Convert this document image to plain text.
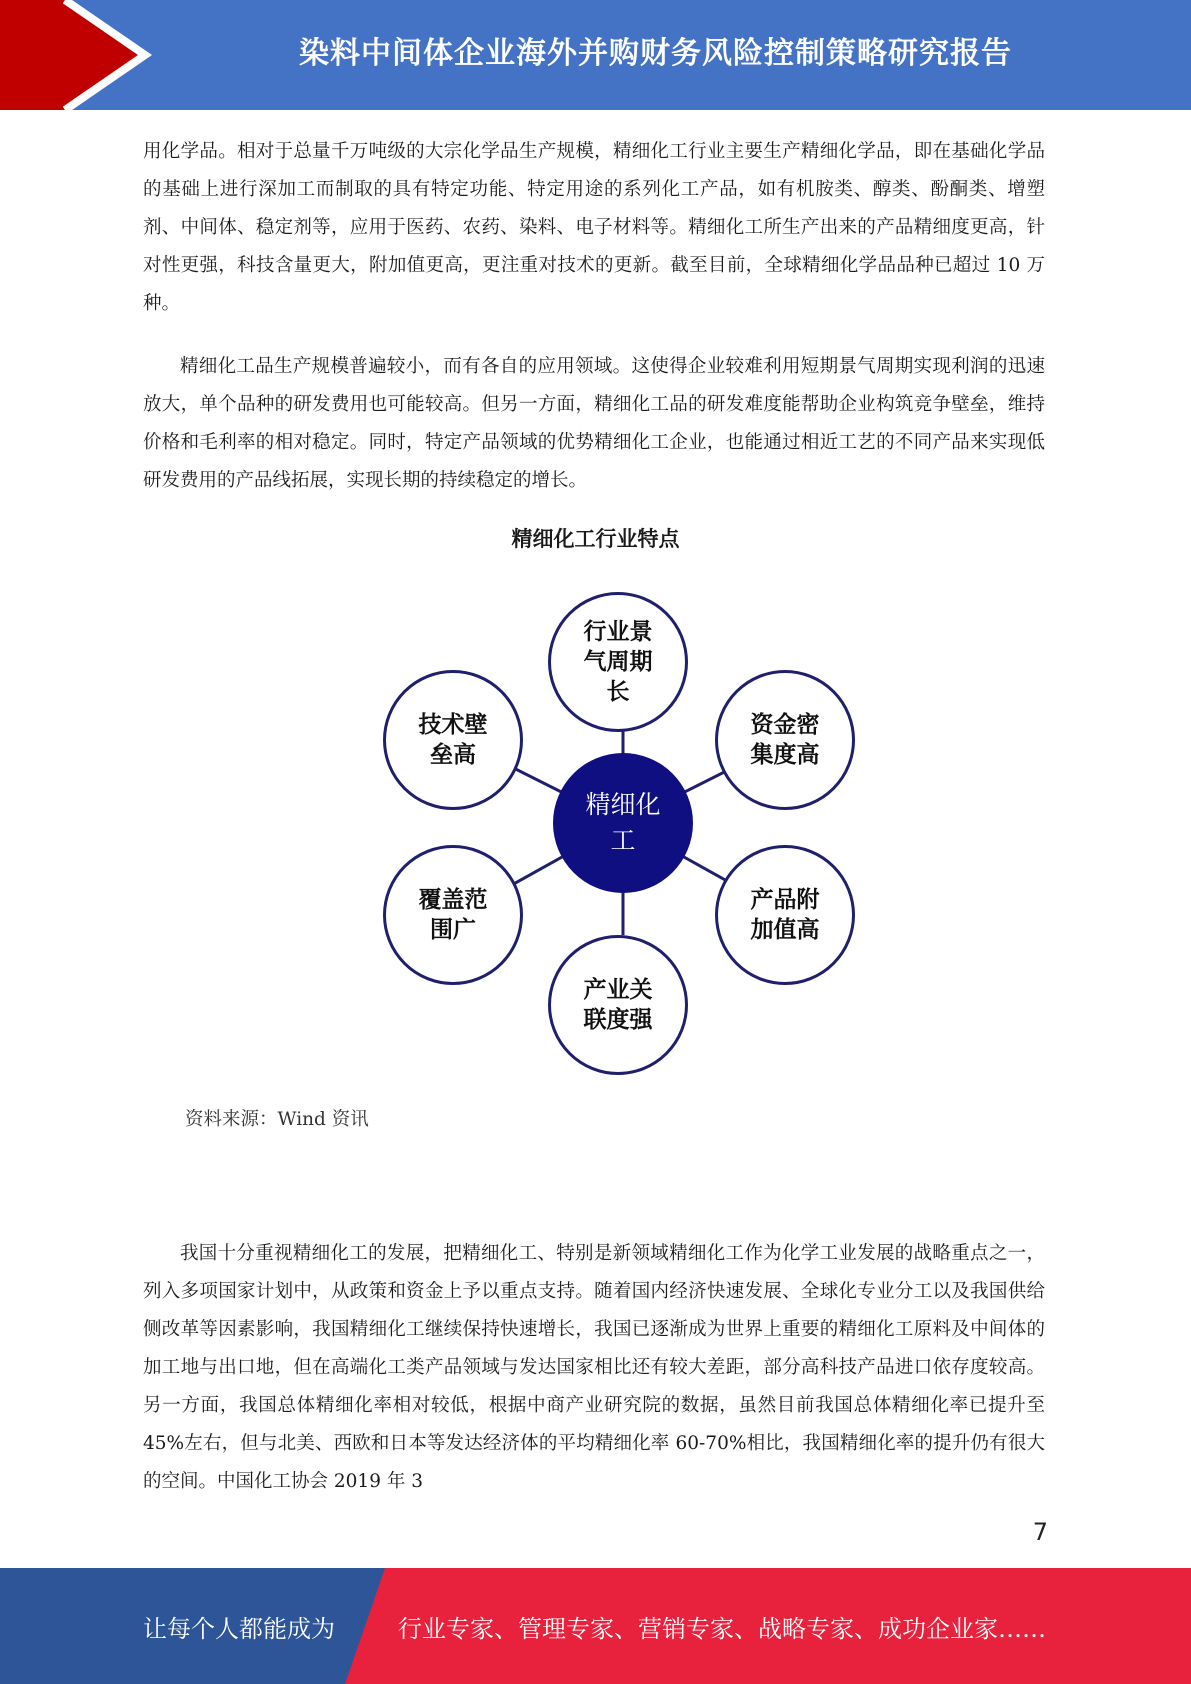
染料中间体企业海外并购财务风险控制策略研究报告

用化学品。相对于总量千万吨级的大宗化学品生产规模，精细化工行业主要生产精细化学品，即在基础化学品的基础上进行深加工而制取的具有特定功能、特定用途的系列化工产品，如有机胺类、醇类、酚酮类、增塑剂、中间体、稳定剂等，应用于医药、农药、染料、电子材料等。精细化工所生产出来的产品精细度更高，针对性更强，科技含量更大，附加值更高，更注重对技术的更新。截至目前，全球精细化学品品种已超过 10 万种。

精细化工品生产规模普遍较小，而有各自的应用领域。这使得企业较难利用短期景气周期实现利润的迅速放大，单个品种的研发费用也可能较高。但另一方面，精细化工品的研发难度能帮助企业构筑竞争壁垒，维持价格和毛利率的相对稳定。同时，特定产品领域的优势精细化工企业，也能通过相近工艺的不同产品来实现低研发费用的产品线拓展，实现长期的持续稳定的增长。

精细化工行业特点
行业景气周期长
资金密集度高
产品附加值高
产业关联度强
覆盖范围广
技术壁垒高
精细化工
资料来源：Wind 资讯

我国十分重视精细化工的发展，把精细化工、特别是新领域精细化工作为化学工业发展的战略重点之一，列入多项国家计划中，从政策和资金上予以重点支持。随着国内经济快速发展、全球化专业分工以及我国供给侧改革等因素影响，我国精细化工继续保持快速增长，我国已逐渐成为世界上重要的精细化工原料及中间体的加工地与出口地，但在高端化工类产品领域与发达国家相比还有较大差距，部分高科技产品进口依存度较高。另一方面，我国总体精细化率相对较低，根据中商产业研究院的数据，虽然目前我国总体精细化率已提升至 45%左右，但与北美、西欧和日本等发达经济体的平均精细化率 60-70%相比，我国精细化率的提升仍有很大的空间。中国化工协会 2019 年 3

7
让每个人都能成为	行业专家、管理专家、营销专家、战略专家、成功企业家……
